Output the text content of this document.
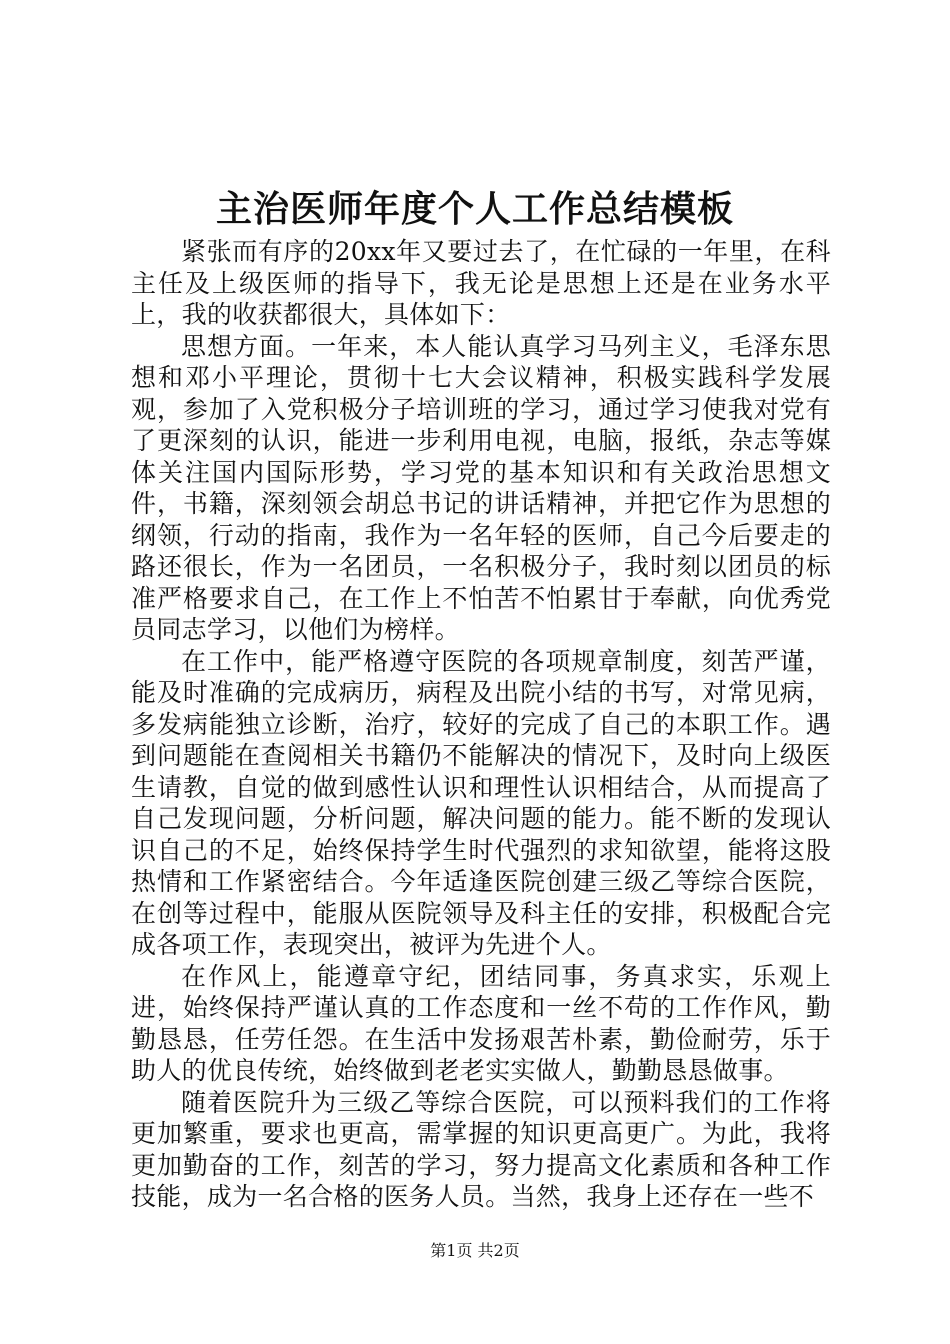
主治医师年度个人工作总结模板

紧张而有序的20xx年又要过去了，在忙碌的一年里，在科主任及上级医师的指导下，我无论是思想上还是在业务水平上，我的收获都很大，具体如下：

思想方面。一年来，本人能认真学习马列主义，毛泽东思想和邓小平理论，贯彻十七大会议精神，积极实践科学发展观，参加了入党积极分子培训班的学习，通过学习使我对党有了更深刻的认识，能进一步利用电视，电脑，报纸，杂志等媒体关注国内国际形势，学习党的基本知识和有关政治思想文件，书籍，深刻领会胡总书记的讲话精神，并把它作为思想的纲领，行动的指南，我作为一名年轻的医师，自己今后要走的路还很长，作为一名团员，一名积极分子，我时刻以团员的标准严格要求自己，在工作上不怕苦不怕累甘于奉献，向优秀党员同志学习，以他们为榜样。

在工作中，能严格遵守医院的各项规章制度，刻苦严谨，能及时准确的完成病历，病程及出院小结的书写，对常见病，多发病能独立诊断，治疗，较好的完成了自己的本职工作。遇到问题能在查阅相关书籍仍不能解决的情况下，及时向上级医生请教，自觉的做到感性认识和理性认识相结合，从而提高了自己发现问题，分析问题，解决问题的能力。能不断的发现认识自己的不足，始终保持学生时代强烈的求知欲望，能将这股热情和工作紧密结合。今年适逢医院创建三级乙等综合医院，在创等过程中，能服从医院领导及科主任的安排，积极配合完成各项工作，表现突出，被评为先进个人。

在作风上，能遵章守纪，团结同事，务真求实，乐观上进，始终保持严谨认真的工作态度和一丝不苟的工作作风，勤勤恳恳，任劳任怨。在生活中发扬艰苦朴素，勤俭耐劳，乐于助人的优良传统，始终做到老老实实做人，勤勤恳恳做事。

随着医院升为三级乙等综合医院，可以预料我们的工作将更加繁重，要求也更高，需掌握的知识更高更广。为此，我将更加勤奋的工作，刻苦的学习，努力提高文化素质和各种工作技能，成为一名合格的医务人员。当然，我身上还存在一些不

第1页 共2页
